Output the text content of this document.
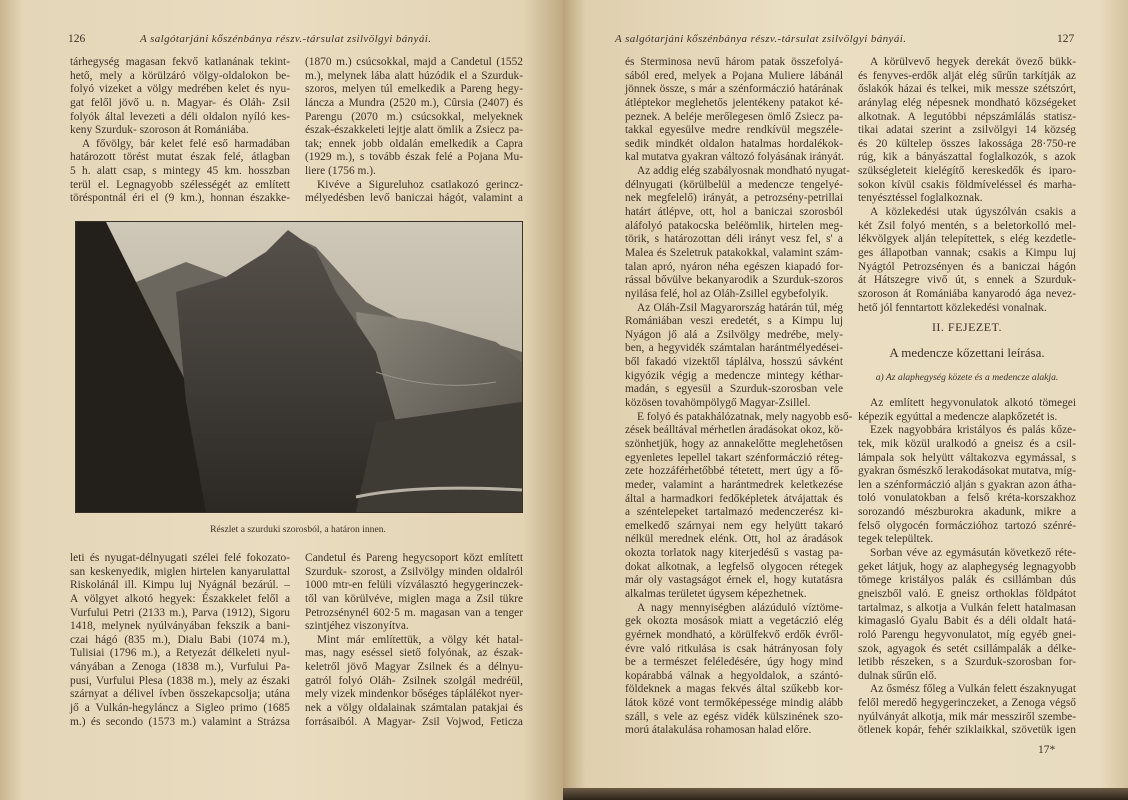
126	A salgótarjáni kőszénbánya részv.-társulat zsilvölgyi bányái.
tárhegység magasan fekvő katlanának tekint-
hető, mely a körülzáró völgy-oldalokon be-
folyó vizeket a völgy medrében kelet és nyu-
gat felől jövő u. n. Magyar- és Oláh- Zsil
folyók által levezeti a déli oldalon nyíló kes-
keny Szurduk- szoroson át Romániába.
A fővölgy, bár kelet felé eső harmadában
határozott törést mutat észak felé, átlagban
5 h. alatt csap, s mintegy 45 km. hosszban
terül el. Legnagyobb szélességét az említett
töréspontnál éri el (9 km.), honnan északke-
(1870 m.) csúcsokkal, majd a Candetul (1552
m.), melynek lába alatt húzódik el a Szurduk-
szoros, melyen túl emelkedik a Pareng hegy-
láncza a Mundra (2520 m.), Cûrsia (2407) és
Parengu (2070 m.) csúcsokkal, melyeknek
észak-északkeleti lejtje alatt ömlik a Zsiecz pa-
tak; ennek jobb oldalán emelkedik a Capra
(1929 m.), s tovább észak felé a Pojana Mu-
liere (1756 m.).
Kivéve a Sigureluhoz csatlakozó gerincz-
mélyedésben levő baniczai hágót, valamint a
Részlet a szurduki szorosból, a határon innen.
leti és nyugat-délnyugati szélei felé fokozato-
san keskenyedik, miglen hirtelen kanyarulattal
Riskolánál ill. Kimpu luj Nyágnál bezárúl. –
A völgyet alkotó hegyek: Északkelet felől a
Vurfului Petri (2133 m.), Parva (1912), Sigoru
1418, melynek nyúlványában fekszik a bani-
czai hágó (835 m.), Dialu Babi (1074 m.),
Tulisiai (1796 m.), a Retyezát délkeleti nyul-
ványában a Zenoga (1838 m.), Vurfului Pa-
pusi, Vurfului Plesa (1838 m.), mely az északi
szárnyat a délivel ívben összekapcsolja; utána
jő a Vulkán-hegyláncz a Sigleo primo (1685
m.) és secondo (1573 m.) valamint a Strázsa
Candetul és Pareng hegycsoport közt említett
Szurduk- szorost, a Zsilvölgy minden oldalról
1000 mtr-en felüli vízválasztó hegygerinczek-
től van körülvéve, miglen maga a Zsil tükre
Petrozsénynél 602·5 m. magasan van a tenger
szintjéhez viszonyítva.
Mint már említettük, a völgy két hatal-
mas, nagy eséssel siető folyónak, az észak-
keletről jövő Magyar Zsilnek és a délnyu-
gatról folyó Oláh- Zsilnek szolgál medréül,
mely vizek mindenkor bőséges táplálékot nyer-
nek a völgy oldalainak számtalan patakjai és
forrásaiból. A Magyar- Zsil Vojwod, Feticza
A salgótarjáni kőszénbánya részv.-társulat zsilvölgyi bányái.	127
és Sterminosa nevű három patak összefolyá-
sából ered, melyek a Pojana Muliere lábánál
jönnek össze, s már a szénformáczió határának
átléptekor meglehetős jelentékeny patakot ké-
peznek. A beléje merőlegesen ömlő Zsiecz pa-
takkal egyesülve medre rendkívül megszéle-
sedik mindkét oldalon hatalmas hordalékok-
kal mutatva gyakran változó folyásának irányát.
Az addig elég szabályosnak mondható nyugat-
délnyugati (körülbelül a medencze tengelyé-
nek megfelelő) irányát, a petrozsény-petrillai
határt átlépve, ott, hol a baniczai szorosból
aláfolyó patakocska beléömlik, hirtelen meg-
törik, s határozottan déli irányt vesz fel, s' a
Malea és Szeletruk patakokkal, valamint szám-
talan apró, nyáron néha egészen kiapadó for-
rással bővülve bekanyarodik a Szurduk-szoros
nyilása felé, hol az Oláh-Zsillel egybefolyik.
Az Oláh-Zsil Magyarország határán túl, még
Romániában veszi eredetét, s a Kimpu luj
Nyágon jő alá a Zsilvölgy medrébe, mely-
ben, a hegyvidék számtalan harántmélyedései-
ből fakadó vizektől táplálva, hosszú sávként
kigyózik végig a medencze mintegy kéthar-
madán, s egyesül a Szurduk-szorosban vele
közösen tovahömpölygő Magyar-Zsillel.
E folyó és patakhálózatnak, mely nagyobb eső-
zések beálltával mérhetlen áradásokat okoz, kö-
szönhetjük, hogy az annakelőtte meglehetősen
egyenletes lepellel takart szénformáczió réteg-
zete hozzáférhetőbbé tétetett, mert úgy a fő-
meder, valamint a harántmedrek keletkezése
által a harmadkori fedőképletek átvájattak és
a széntelepeket tartalmazó medenczerész ki-
emelkedő szárnyai nem egy helyütt takaró
nélkül merednek elénk. Ott, hol az áradások
okozta torlatok nagy kiterjedésű s vastag pa-
dokat alkotnak, a legfelső olygocen rétegek
már oly vastagságot érnek el, hogy kutatásra
alkalmas területet úgysem képezhetnek.
A nagy mennyiségben alázúduló víztöme-
gek okozta mosások miatt a vegetáczió elég
gyérnek mondható, a körülfekvő erdők évről-
évre való ritkulása is csak hátrányosan foly
be a természet feléledésére, úgy hogy mind
kopárabbá válnak a hegyoldalok, a szántó-
földeknek a magas fekvés által szűkebb kor-
látok közé vont termőképessége mindig alább
száll, s vele az egész vidék külszinének szo-
morú átalakulása rohamosan halad előre.
A körülvevő hegyek derekát övező bükk-
és fenyves-erdők alját elég sűrűn tarkítják az
őslakók házai és telkei, mik messze szétszórt,
aránylag elég népesnek mondható községeket
alkotnak. A legutóbbi népszámlálás statisz-
tikai adatai szerint a zsilvölgyi 14 község
és 20 kültelep összes lakossága 28·750-re
rúg, kik a bányászattal foglalkozók, s azok
szükségleteit kielégítő kereskedők és iparo-
sokon kívül csakis földmíveléssel és marha-
tenyésztéssel foglalkoznak.
A közlekedési utak úgyszólván csakis a
két Zsil folyó mentén, s a beletorkolló mel-
lékvölgyek alján telepítettek, s elég kezdetle-
ges állapotban vannak; csakis a Kimpu luj
Nyágtól Petrozsényen és a baniczai hágón
át Hátszegre vivő út, s ennek a Szurduk-
szoroson át Romániába kanyarodó ága nevez-
hető jól fenntartott közlekedési vonalnak.
II. FEJEZET.
A medencze kőzettani leírása.
a) Az alaphegység közete és a medencze alakja.
Az említett hegyvonulatok alkotó tömegei
képezik egyúttal a medencze alapkőzetét is.
Ezek nagyobbára kristályos és palás kőze-
tek, mik közül uralkodó a gneisz és a csil-
lámpala sok helyütt váltakozva egymással, s
gyakran ősmészkő lerakodásokat mutatva, míg-
len a szénformáczió alján s gyakran azon átha-
toló vonulatokban a felső kréta-korszakhoz
sorozandó mészburokra akadunk, mikre a
felső olygocén formáczióhoz tartozó szénré-
tegek települtek.
Sorban véve az egymásután következő réte-
geket látjuk, hogy az alaphegység legnagyobb
tömege kristályos palák és csillámban dús
gneiszből való. E gneisz orthoklas földpátot
tartalmaz, s alkotja a Vulkán felett hatalmasan
kimagasló Gyalu Babit és a déli oldalt hatá-
roló Parengu hegyvonulatot, míg egyéb gnei-
szok, agyagok és setét csillámpalák a délke-
letibb részeken, s a Szurduk-szorosban for-
dulnak sűrűn elő.
Az ősmész főleg a Vulkán felett északnyugat
felől meredő hegygerinczeket, a Zenoga végső
nyúlványát alkotja, mik már messziről szembe-
ötlenek kopár, fehér sziklaikkal, szövetük igen
17*
